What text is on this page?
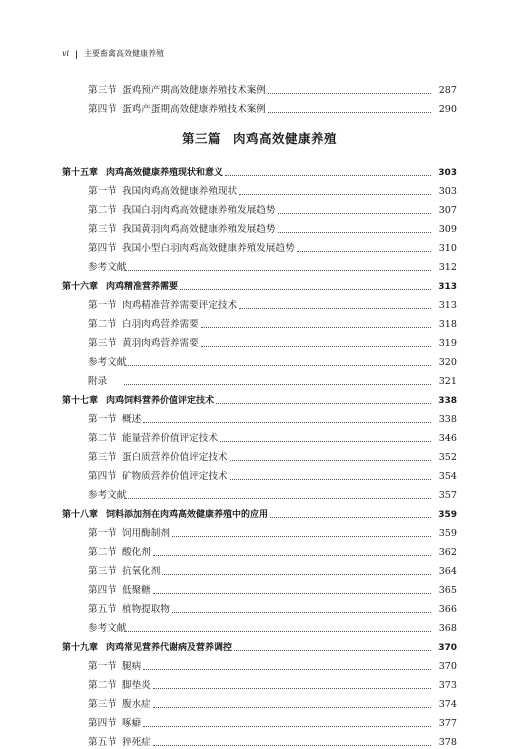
vi | 主要畜禽高效健康养殖
第三节 蛋鸡预产期高效健康养殖技术案例	287
第四节 蛋鸡产蛋期高效健康养殖技术案例	290
第三篇 肉鸡高效健康养殖
第十五章 肉鸡高效健康养殖现状和意义	303
第一节 我国肉鸡高效健康养殖现状	303
第二节 我国白羽肉鸡高效健康养殖发展趋势	307
第三节 我国黄羽肉鸡高效健康养殖发展趋势	309
第四节 我国小型白羽肉鸡高效健康养殖发展趋势	310
参考文献	312
第十六章 肉鸡精准营养需要	313
第一节 肉鸡精准营养需要评定技术	313
第二节 白羽肉鸡营养需要	318
第三节 黄羽肉鸡营养需要	319
参考文献	320
附录	321
第十七章 肉鸡饲料营养价值评定技术	338
第一节 概述	338
第二节 能量营养价值评定技术	346
第三节 蛋白质营养价值评定技术	352
第四节 矿物质营养价值评定技术	354
参考文献	357
第十八章 饲料添加剂在肉鸡高效健康养殖中的应用	359
第一节 饲用酶制剂	359
第二节 酸化剂	362
第三节 抗氧化剂	364
第四节 低聚糖	365
第五节 植物提取物	366
参考文献	368
第十九章 肉鸡常见营养代谢病及营养调控	370
第一节 腿病	370
第二节 脚垫炎	373
第三节 腹水症	374
第四节 啄癖	377
第五节 猝死症	378
